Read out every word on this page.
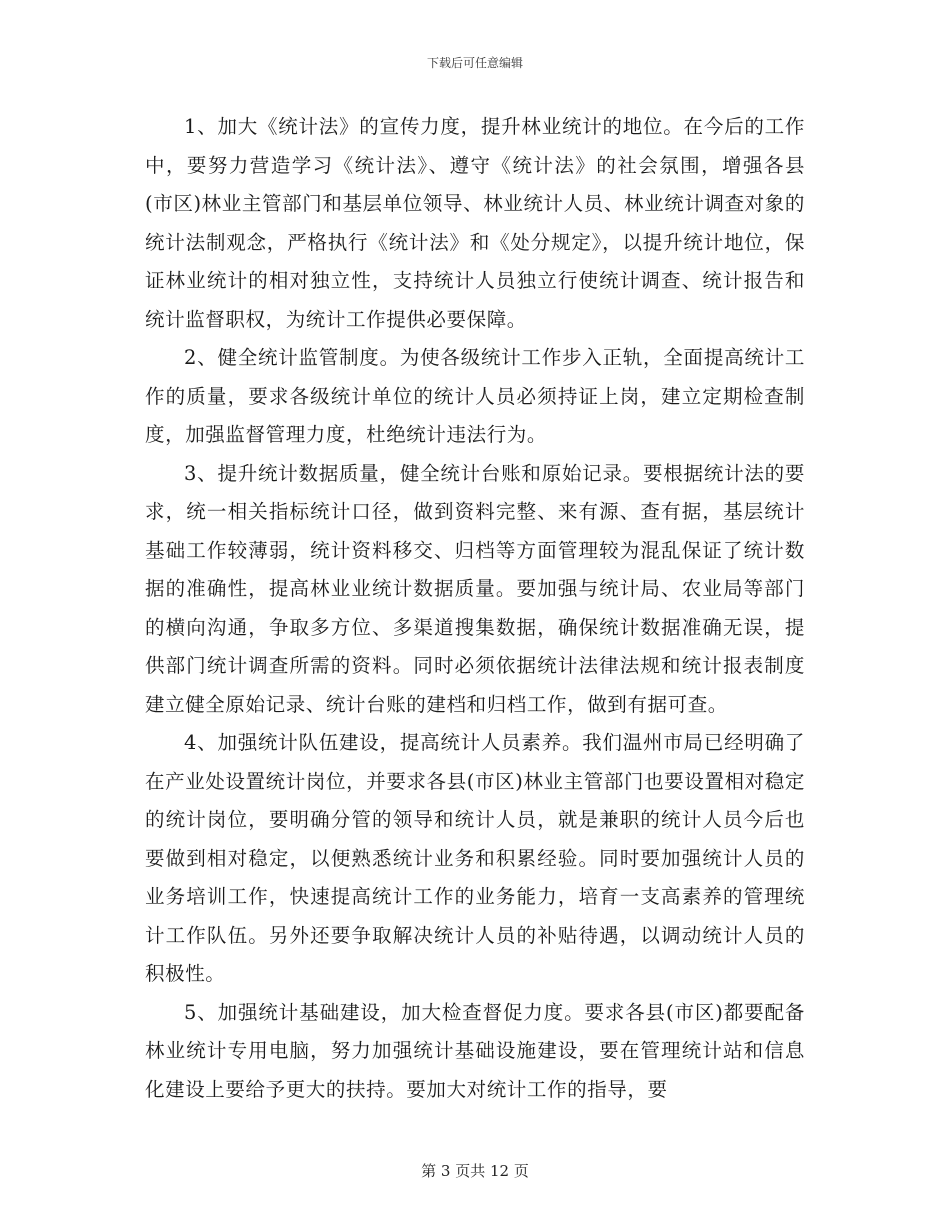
下载后可任意编辑

1、加大《统计法》的宣传力度，提升林业统计的地位。在今后的工作中，要努力营造学习《统计法》、遵守《统计法》的社会氛围，增强各县(市区)林业主管部门和基层单位领导、林业统计人员、林业统计调查对象的统计法制观念，严格执行《统计法》和《处分规定》，以提升统计地位，保证林业统计的相对独立性，支持统计人员独立行使统计调查、统计报告和统计监督职权，为统计工作提供必要保障。

2、健全统计监管制度。为使各级统计工作步入正轨，全面提高统计工作的质量，要求各级统计单位的统计人员必须持证上岗，建立定期检查制度，加强监督管理力度，杜绝统计违法行为。

3、提升统计数据质量，健全统计台账和原始记录。要根据统计法的要求，统一相关指标统计口径，做到资料完整、来有源、查有据，基层统计基础工作较薄弱，统计资料移交、归档等方面管理较为混乱保证了统计数据的准确性，提高林业业统计数据质量。要加强与统计局、农业局等部门的横向沟通，争取多方位、多渠道搜集数据，确保统计数据准确无误，提供部门统计调查所需的资料。同时必须依据统计法律法规和统计报表制度建立健全原始记录、统计台账的建档和归档工作，做到有据可查。

4、加强统计队伍建设，提高统计人员素养。我们温州市局已经明确了在产业处设置统计岗位，并要求各县(市区)林业主管部门也要设置相对稳定的统计岗位，要明确分管的领导和统计人员，就是兼职的统计人员今后也要做到相对稳定，以便熟悉统计业务和积累经验。同时要加强统计人员的业务培训工作，快速提高统计工作的业务能力，培育一支高素养的管理统计工作队伍。另外还要争取解决统计人员的补贴待遇，以调动统计人员的积极性。

5、加强统计基础建设，加大检查督促力度。要求各县(市区)都要配备林业统计专用电脑，努力加强统计基础设施建设，要在管理统计站和信息化建设上要给予更大的扶持。要加大对统计工作的指导，要

第 3 页共 12 页
